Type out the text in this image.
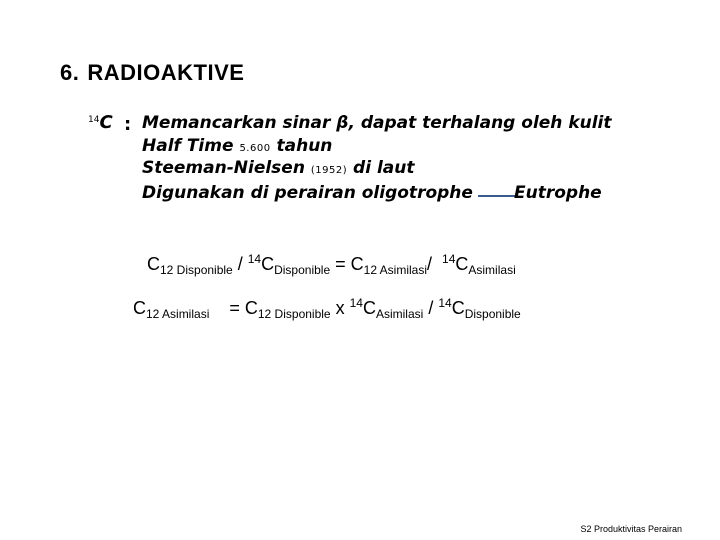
6. RADIOAKTIVE
$^{14}$C : Memancarkan sinar β, dapat terhalang oleh kulit
Half Time 5.600 tahun
Steeman-Nielsen (1952) di laut
Digunakan di perairan oligotrophe Eutrophe
$C_{12 Disponible} / ^{14}C_{Disponible} = C_{12 Asimilasi}/$ $^{14}C_{Asimilasi}$
$C_{12 Asimilasi} = C_{12 Disponible}$ x $^{14}C_{Asimilasi} / ^{14}C_{Disponible}$
S2 Produktivitas Perairan
